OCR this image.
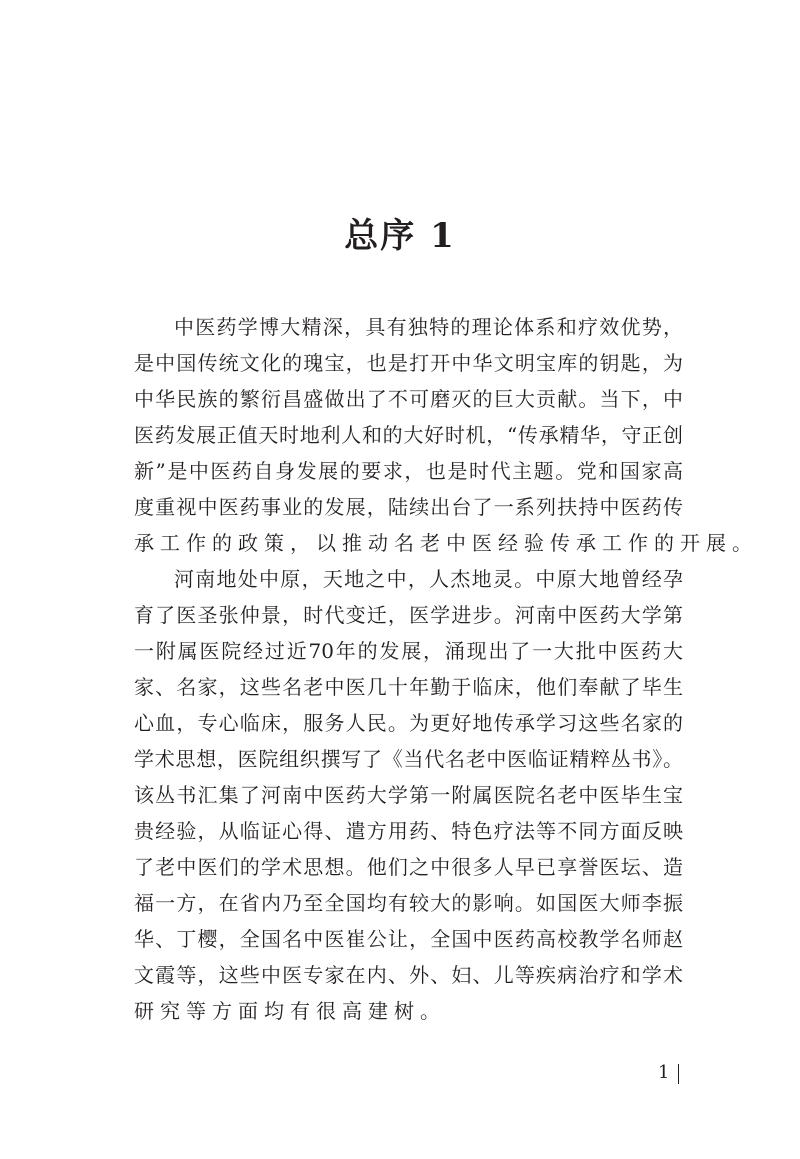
总序 1
中医药学博大精深，具有独特的理论体系和疗效优势，
是中国传统文化的瑰宝，也是打开中华文明宝库的钥匙，为
中华民族的繁衍昌盛做出了不可磨灭的巨大贡献。当下，中
医药发展正值天时地利人和的大好时机，“传承精华，守正创
新”是中医药自身发展的要求，也是时代主题。党和国家高
度重视中医药事业的发展，陆续出台了一系列扶持中医药传
承工作的政策，以推动名老中医经验传承工作的开展。
河南地处中原，天地之中，人杰地灵。中原大地曾经孕
育了医圣张仲景，时代变迁，医学进步。河南中医药大学第
一附属医院经过近70年的发展，涌现出了一大批中医药大
家、名家，这些名老中医几十年勤于临床，他们奉献了毕生
心血，专心临床，服务人民。为更好地传承学习这些名家的
学术思想，医院组织撰写了《当代名老中医临证精粹丛书》。
该丛书汇集了河南中医药大学第一附属医院名老中医毕生宝
贵经验，从临证心得、遣方用药、特色疗法等不同方面反映
了老中医们的学术思想。他们之中很多人早已享誉医坛、造
福一方，在省内乃至全国均有较大的影响。如国医大师李振
华、丁樱，全国名中医崔公让，全国中医药高校教学名师赵
文霞等，这些中医专家在内、外、妇、儿等疾病治疗和学术
研究等方面均有很高建树。
1
